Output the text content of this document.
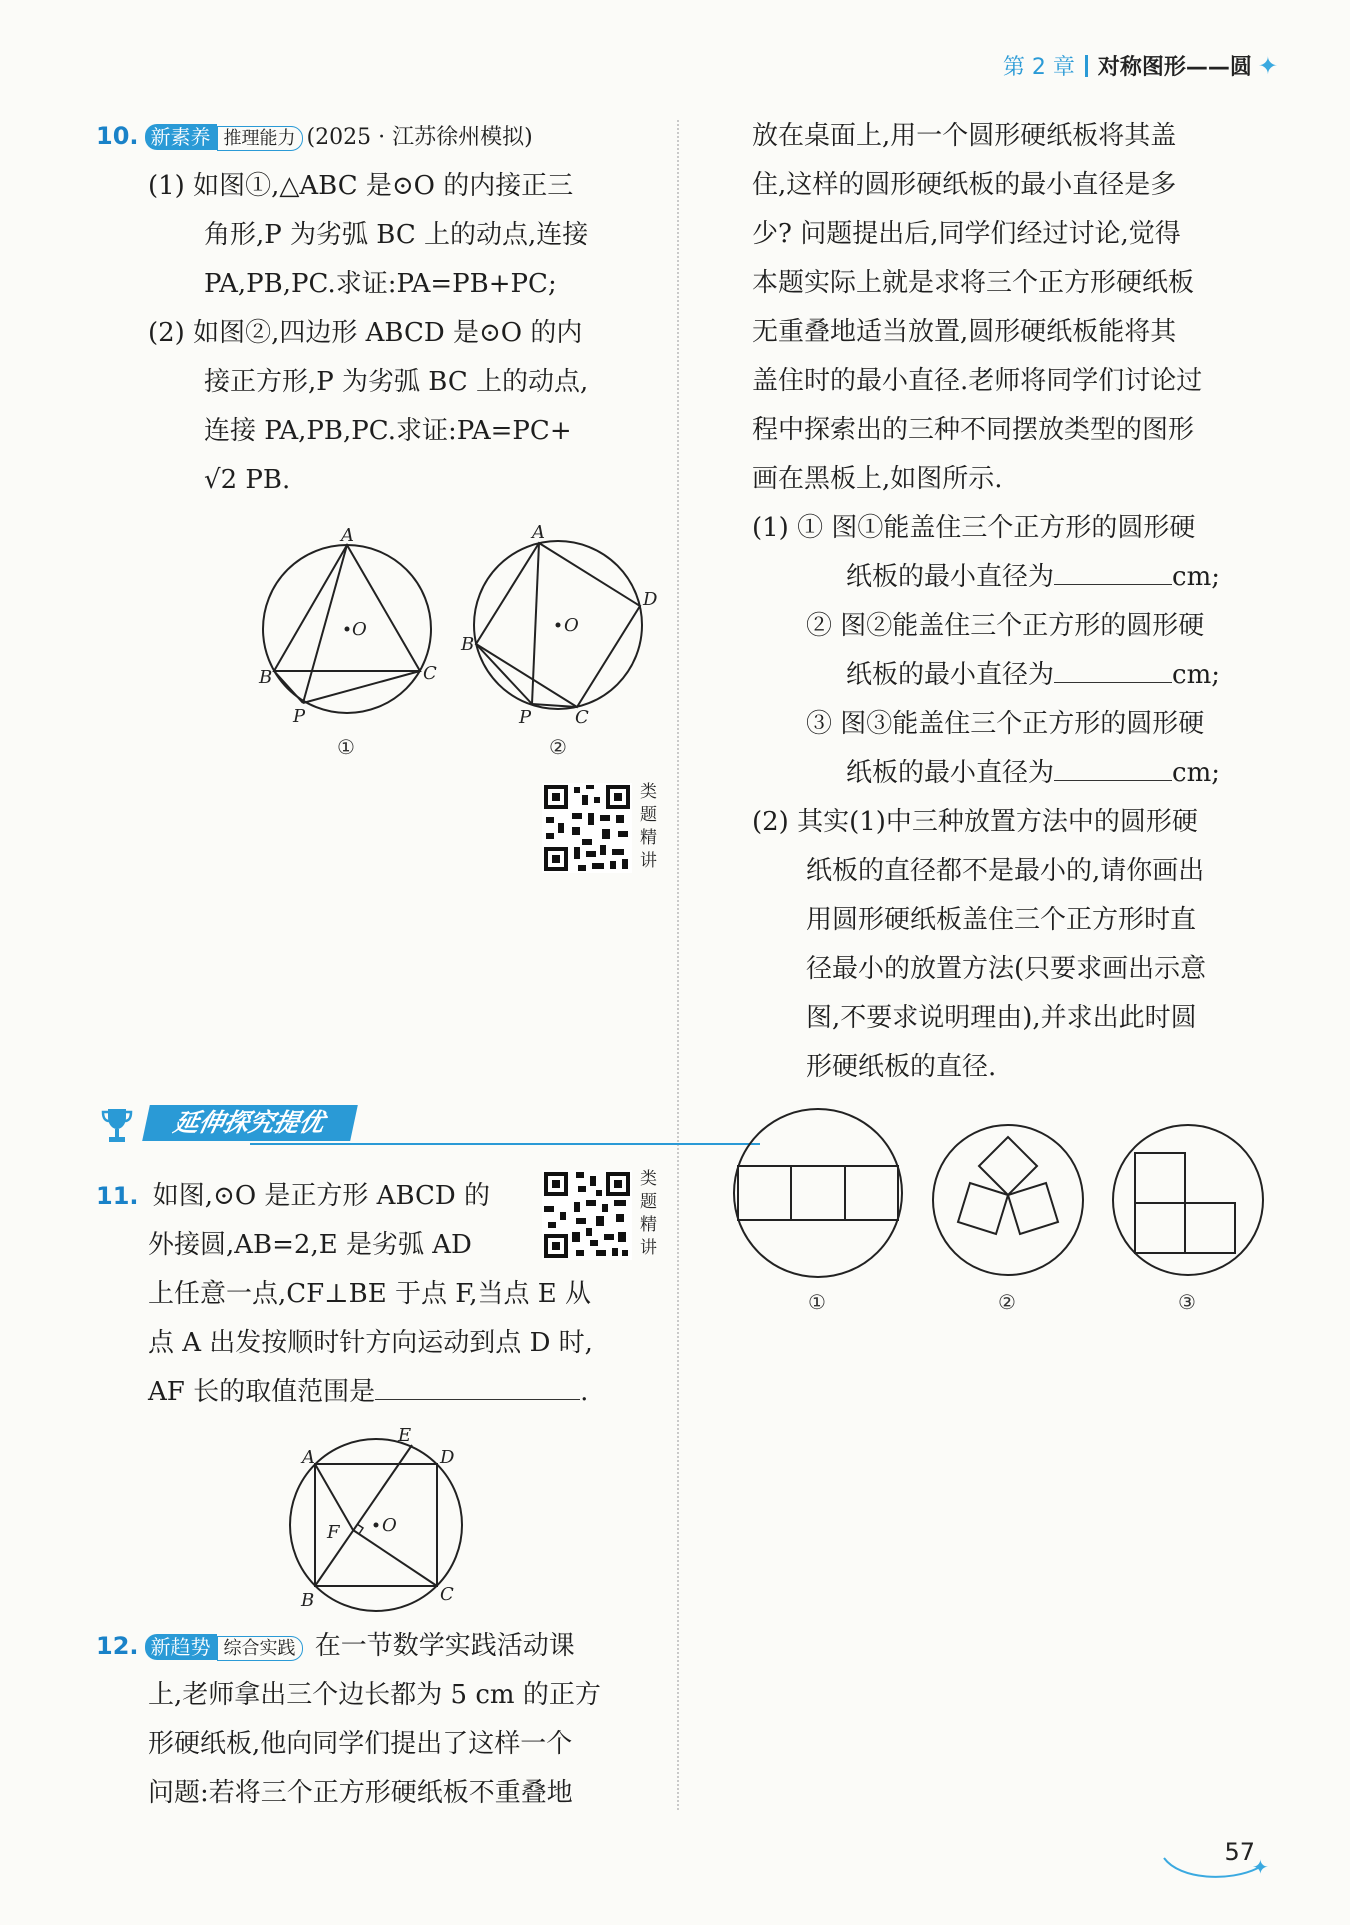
第 2 章 对称图形——圆 ✦
10. 新素养 推理能力 (2025 · 江苏徐州模拟)
(1) 如图①,△ABC 是⊙O 的内接正三
角形,P 为劣弧 BC 上的动点,连接
PA,PB,PC.求证:PA=PB+PC;
(2) 如图②,四边形 ABCD 是⊙O 的内
接正方形,P 为劣弧 BC 上的动点,
连接 PA,PB,PC.求证:PA=PC+
√2 PB.
A
O
B	C
P
A
D
O
B
P C
①	②
类题精讲
延伸探究提优
11. 如图,⊙O 是正方形 ABCD 的
外接圆,AB=2,E 是劣弧 AD
上任意一点,CF⊥BE 于点 F,当点 E 从
点 A 出发按顺时针方向运动到点 D 时,
AF 长的取值范围是	.
类题精讲
A
E
D
O
F
B	C
12. 新趋势 综合实践 在一节数学实践活动课
上,老师拿出三个边长都为 5 cm 的正方
形硬纸板,他向同学们提出了这样一个
问题:若将三个正方形硬纸板不重叠地
放在桌面上,用一个圆形硬纸板将其盖
住,这样的圆形硬纸板的最小直径是多
少? 问题提出后,同学们经过讨论,觉得
本题实际上就是求将三个正方形硬纸板
无重叠地适当放置,圆形硬纸板能将其
盖住时的最小直径.老师将同学们讨论过
程中探索出的三种不同摆放类型的图形
画在黑板上,如图所示.
(1) ① 图①能盖住三个正方形的圆形硬
纸板的最小直径为	cm;
② 图②能盖住三个正方形的圆形硬
纸板的最小直径为	cm;
③ 图③能盖住三个正方形的圆形硬
纸板的最小直径为	cm;
(2) 其实(1)中三种放置方法中的圆形硬
纸板的直径都不是最小的,请你画出
用圆形硬纸板盖住三个正方形时直
径最小的放置方法(只要求画出示意
图,不要求说明理由),并求出此时圆
形硬纸板的直径.
①	②	③
✦
57
